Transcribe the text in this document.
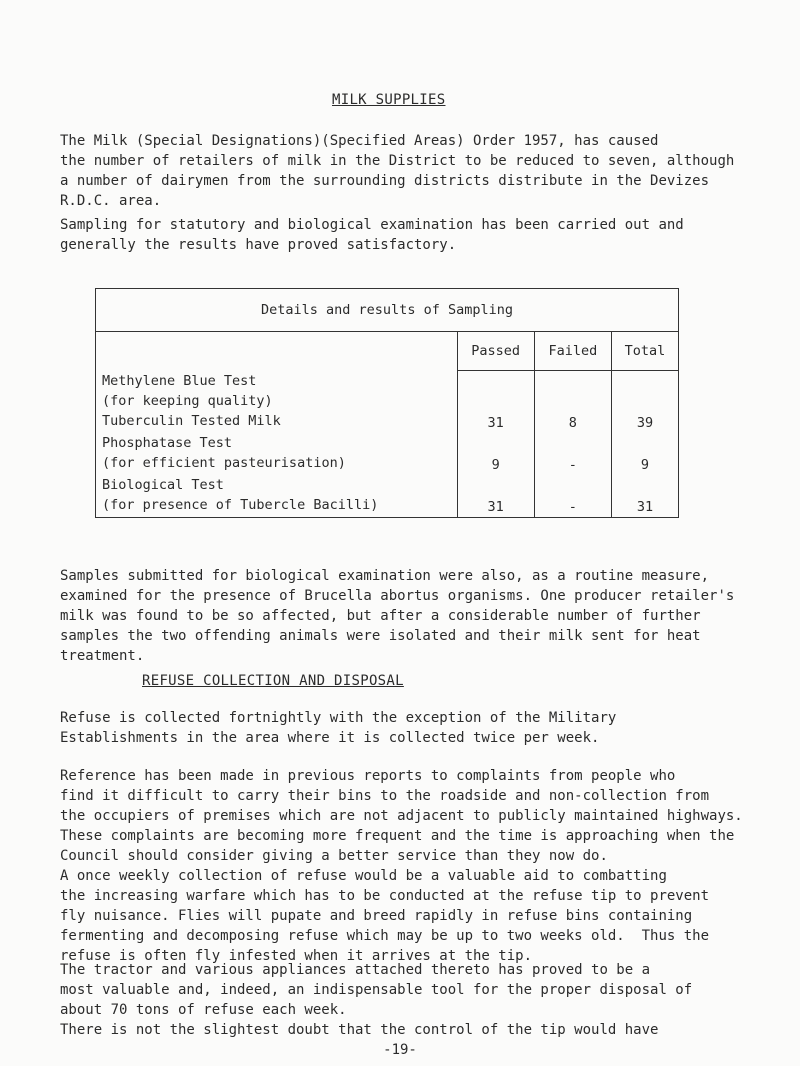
MILK SUPPLIES

The Milk (Special Designations)(Specified Areas) Order 1957, has caused
the number of retailers of milk in the District to be reduced to seven, although
a number of dairymen from the surrounding districts distribute in the Devizes
R.D.C. area.

Sampling for statutory and biological examination has been carried out and
generally the results have proved satisfactory.

Details and results of Sampling			
	Passed	Failed	Total

Methylene Blue Test
(for keeping quality)
Tuberculin Tested Milk	31	8	39

Phosphatase Test
(for efficient pasteurisation)	9	-	9

Biological Test
(for presence of Tubercle Bacilli)	31	-	31

Samples submitted for biological examination were also, as a routine measure,
examined for the presence of Brucella abortus organisms. One producer retailer's
milk was found to be so affected, but after a considerable number of further
samples the two offending animals were isolated and their milk sent for heat
treatment.

REFUSE COLLECTION AND DISPOSAL

Refuse is collected fortnightly with the exception of the Military
Establishments in the area where it is collected twice per week.

Reference has been made in previous reports to complaints from people who
find it difficult to carry their bins to the roadside and non-collection from
the occupiers of premises which are not adjacent to publicly maintained highways.
These complaints are becoming more frequent and the time is approaching when the
Council should consider giving a better service than they now do.

A once weekly collection of refuse would be a valuable aid to combatting
the increasing warfare which has to be conducted at the refuse tip to prevent
fly nuisance. Flies will pupate and breed rapidly in refuse bins containing
fermenting and decomposing refuse which may be up to two weeks old.  Thus the
refuse is often fly infested when it arrives at the tip.

The tractor and various appliances attached thereto has proved to be a
most valuable and, indeed, an indispensable tool for the proper disposal of
about 70 tons of refuse each week.

There is not the slightest doubt that the control of the tip would have

-19-
